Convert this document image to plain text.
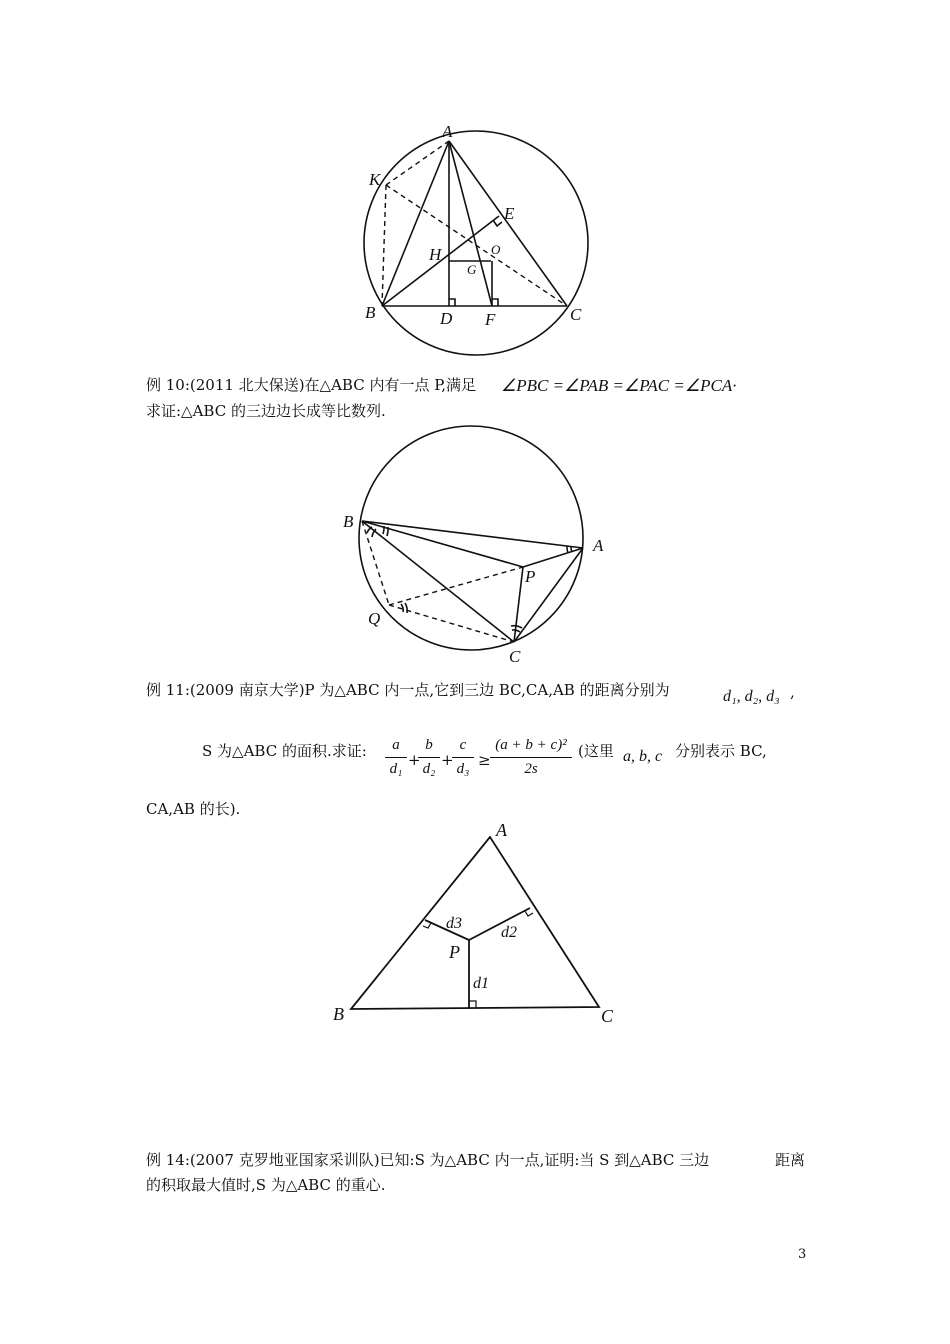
A
K
E
H	O
G
B	D F	C
例 10:(2011 北大保送)在△ABC 内有一点 P,满足 ∠PBC =∠PAB =∠PAC =∠PCA·
求证:△ABC 的三边边长成等比数列.
B
A
P
Q
C
例 11:(2009 南京大学)P 为△ABC 内一点,它到三边 BC,CA,AB 的距离分别为	d₁, d₂, d₃ ,
S 为△ABC 的面积.求证:	a
d₁ +
b
d₂ +
c
d₃ ≥
(a + b + c)²
2s
(这里 a, b, c 分别表示 BC,
CA,AB 的长).
A
B	C
P
d1
d2
d3
例 14:(2007 克罗地亚国家采训队)已知:S 为△ABC 内一点,证明:当 S 到△ABC 三边	距离
的积取最大值时,S 为△ABC 的重心.
3
